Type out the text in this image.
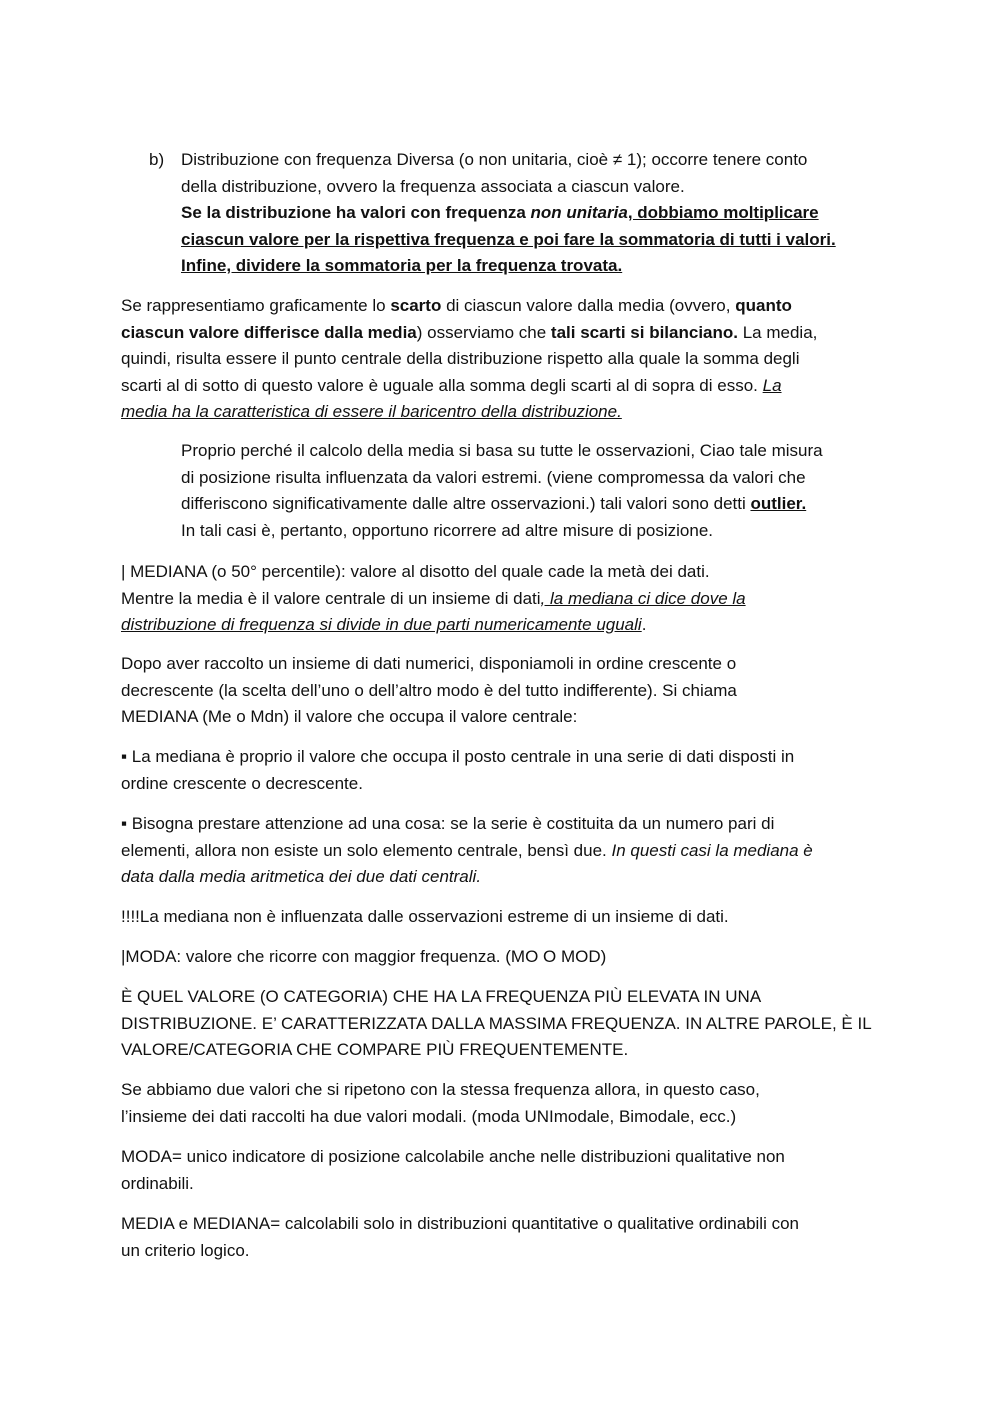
b) Distribuzione con frequenza Diversa (o non unitaria, cioè ≠ 1); occorre tenere conto
della distribuzione, ovvero la frequenza associata a ciascun valore.
Se la distribuzione ha valori con frequenza non unitaria, dobbiamo moltiplicare
ciascun valore per la rispettiva frequenza e poi fare la sommatoria di tutti i valori.
Infine, dividere la sommatoria per la frequenza trovata.

Se rappresentiamo graficamente lo scarto di ciascun valore dalla media (ovvero, quanto
ciascun valore differisce dalla media) osserviamo che tali scarti si bilanciano. La media,
quindi, risulta essere il punto centrale della distribuzione rispetto alla quale la somma degli
scarti al di sotto di questo valore è uguale alla somma degli scarti al di sopra di esso. La
media ha la caratteristica di essere il baricentro della distribuzione.

Proprio perché il calcolo della media si basa su tutte le osservazioni, Ciao tale misura
di posizione risulta influenzata da valori estremi. (viene compromessa da valori che
differiscono significativamente dalle altre osservazioni.) tali valori sono detti outlier.
In tali casi è, pertanto, opportuno ricorrere ad altre misure di posizione.

| MEDIANA (o 50° percentile): valore al disotto del quale cade la metà dei dati.
Mentre la media è il valore centrale di un insieme di dati, la mediana ci dice dove la
distribuzione di frequenza si divide in due parti numericamente uguali.

Dopo aver raccolto un insieme di dati numerici, disponiamoli in ordine crescente o
decrescente (la scelta dell’uno o dell’altro modo è del tutto indifferente). Si chiama
MEDIANA (Me o Mdn) il valore che occupa il valore centrale:

▪ La mediana è proprio il valore che occupa il posto centrale in una serie di dati disposti in
ordine crescente o decrescente.

▪ Bisogna prestare attenzione ad una cosa: se la serie è costituita da un numero pari di
elementi, allora non esiste un solo elemento centrale, bensì due. In questi casi la mediana è
data dalla media aritmetica dei due dati centrali.

!!!!La mediana non è influenzata dalle osservazioni estreme di un insieme di dati.

|MODA: valore che ricorre con maggior frequenza. (MO O MOD)

È QUEL VALORE (O CATEGORIA) CHE HA LA FREQUENZA PIÙ ELEVATA IN UNA
DISTRIBUZIONE. E’ CARATTERIZZATA DALLA MASSIMA FREQUENZA. IN ALTRE PAROLE, È IL
VALORE/CATEGORIA CHE COMPARE PIÙ FREQUENTEMENTE.

Se abbiamo due valori che si ripetono con la stessa frequenza allora, in questo caso,
l’insieme dei dati raccolti ha due valori modali. (moda UNImodale, Bimodale, ecc.)

MODA= unico indicatore di posizione calcolabile anche nelle distribuzioni qualitative non
ordinabili.

MEDIA e MEDIANA= calcolabili solo in distribuzioni quantitative o qualitative ordinabili con
un criterio logico.
